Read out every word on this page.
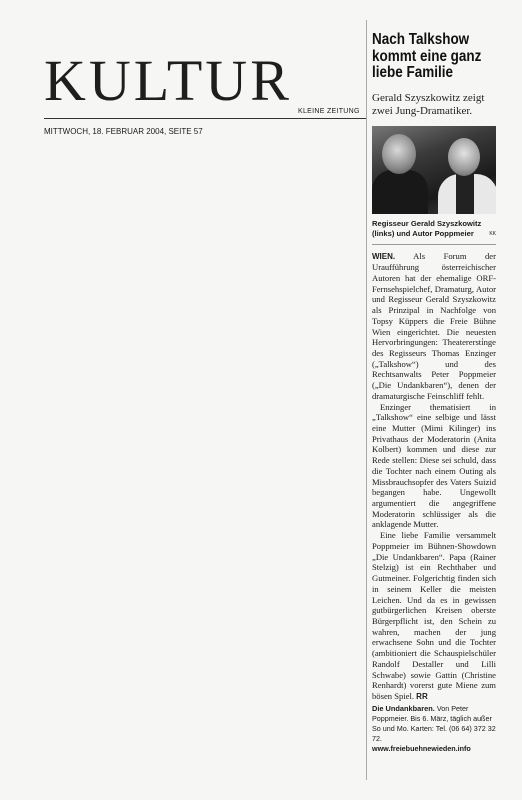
KULTUR KLEINE ZEITUNG
MITTWOCH, 18. FEBRUAR 2004, SEITE 57
Nach Talkshow kommt eine ganz liebe Familie

Gerald Szyszkowitz zeigt zwei Jung-Dramatiker.

Regisseur Gerald Szyszkowitz (links) und Autor Poppmeier	KK

WIEN. Als Forum der Uraufführung österreichischer Autoren hat der ehemalige ORF-Fernsehspielchef, Dramaturg, Autor und Regisseur Gerald Szyszkowitz als Prinzipal in Nachfolge von Topsy Küppers die Freie Bühne Wien eingerichtet. Die neuesten Hervorbringungen: Theaterersti̇nge des Regisseurs Thomas Enzinger („Talkshow“) und des Rechtsanwalts Peter Poppmeier („Die Undankbaren“), denen der dramaturgische Feinschliff fehlt.

Enzinger thematisiert in „Talkshow“ eine selbige und lässt eine Mutter (Mimi Kilinger) ins Privathaus der Moderatorin (Anita Kolbert) kommen und diese zur Rede stellen: Diese sei schuld, dass die Tochter nach einem Outing als Missbrauchsopfer des Vaters Suizid begangen habe. Ungewollt argumentiert die angegriffene Moderatorin schlüssiger als die anklagende Mutter.

Eine liebe Familie versammelt Poppmeier im Bühnen-Showdown „Die Undankbaren“. Papa (Rainer Stelzig) ist ein Rechthaber und Gutmeiner. Folgerichtig finden sich in seinem Keller die meisten Leichen. Und da es in gewissen gutbürgerlichen Kreisen oberste Bürgerpflicht ist, den Schein zu wahren, machen der jung erwachsene Sohn und die Tochter (ambitioniert die Schauspielschüler Randolf Destaller und Lilli Schwabe) sowie Gattin (Christine Renhardt) vorerst gute Miene zum bösen Spiel. RR

Die Undankbaren. Von Peter Poppmeier. Bis 6. März, täglich außer So und Mo. Karten: Tel. (06 64) 372 32 72.
www.freiebuehnewieden.info
